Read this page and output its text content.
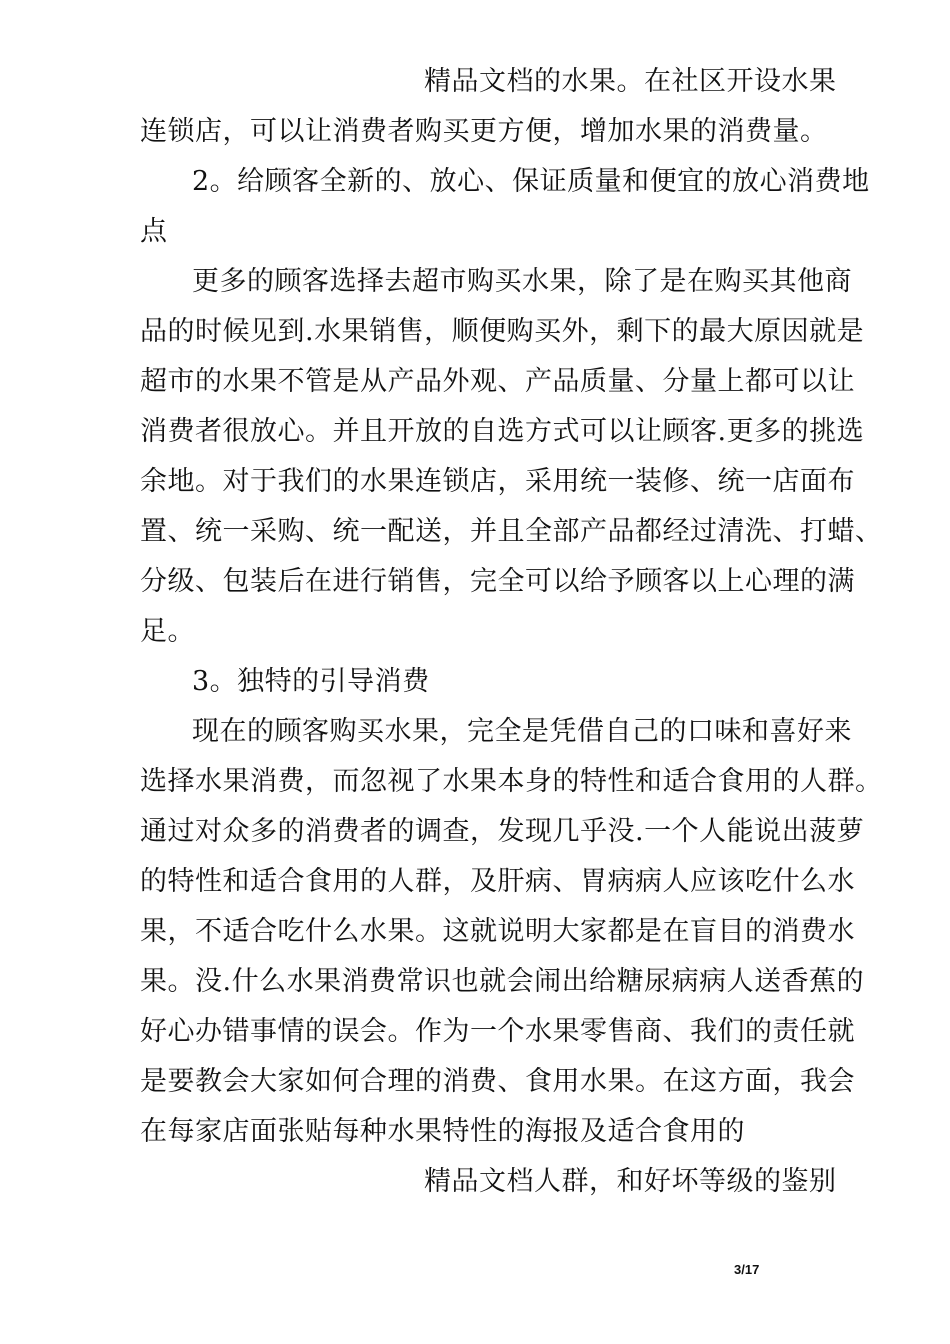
精品文档的水果。在社区开设水果
连锁店，可以让消费者购买更方便，增加水果的消费量。
2。给顾客全新的、放心、保证质量和便宜的放心消费地
点
更多的顾客选择去超市购买水果，除了是在购买其他商
品的时候见到.水果销售，顺便购买外，剩下的最大原因就是
超市的水果不管是从产品外观、产品质量、分量上都可以让
消费者很放心。并且开放的自选方式可以让顾客.更多的挑选
余地。对于我们的水果连锁店，采用统一装修、统一店面布
置、统一采购、统一配送，并且全部产品都经过清洗、打蜡、
分级、包装后在进行销售，完全可以给予顾客以上心理的满
足。
3。独特的引导消费
现在的顾客购买水果，完全是凭借自己的口味和喜好来
选择水果消费，而忽视了水果本身的特性和适合食用的人群。
通过对众多的消费者的调查，发现几乎没.一个人能说出菠萝
的特性和适合食用的人群，及肝病、胃病病人应该吃什么水
果，不适合吃什么水果。这就说明大家都是在盲目的消费水
果。没.什么水果消费常识也就会闹出给糖尿病病人送香蕉的
好心办错事情的误会。作为一个水果零售商、我们的责任就
是要教会大家如何合理的消费、食用水果。在这方面，我会
在每家店面张贴每种水果特性的海报及适合食用的
精品文档人群，和好坏等级的鉴别
3/17
